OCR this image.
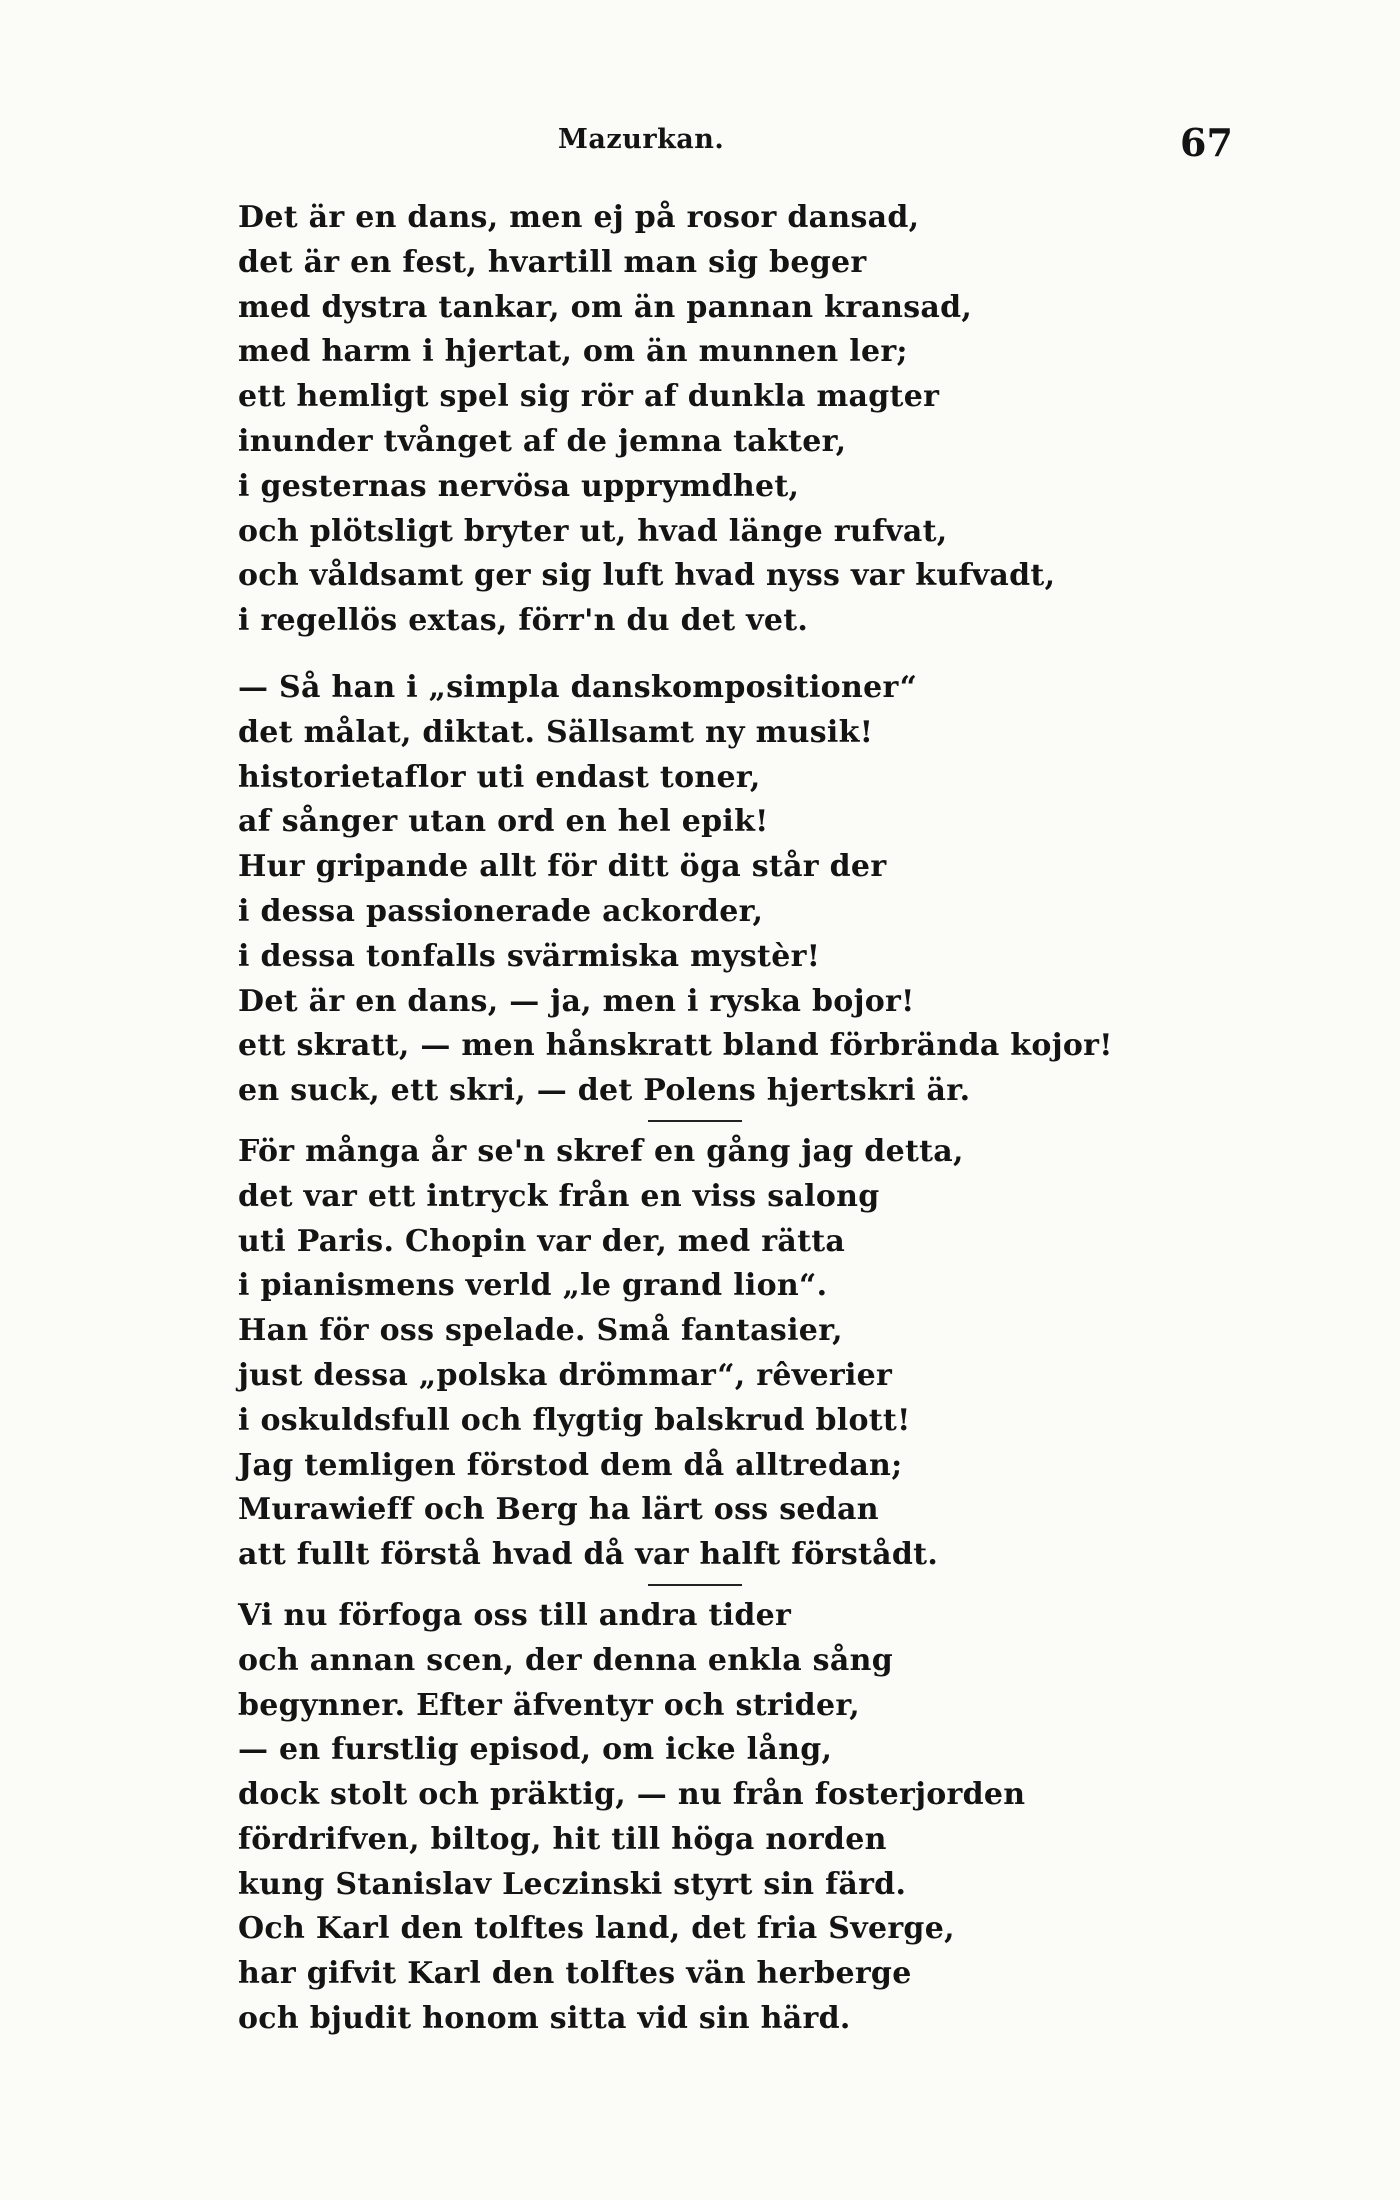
Mazurkan.	67
Det är en dans, men ej på rosor dansad,
det är en fest, hvartill man sig beger
med dystra tankar, om än pannan kransad,
med harm i hjertat, om än munnen ler;
ett hemligt spel sig rör af dunkla magter
inunder tvånget af de jemna takter,
i gesternas nervösa upprymdhet,
och plötsligt bryter ut, hvad länge rufvat,
och våldsamt ger sig luft hvad nyss var kufvadt,
i regellös extas, förr'n du det vet.
— Så han i „simpla danskompositioner“
det målat, diktat. Sällsamt ny musik!
historietaflor uti endast toner,
af sånger utan ord en hel epik!
Hur gripande allt för ditt öga står der
i dessa passionerade ackorder,
i dessa tonfalls svärmiska mystèr!
Det är en dans, — ja, men i ryska bojor!
ett skratt, — men hånskratt bland förbrända kojor!
en suck, ett skri, — det Polens hjertskri är.
För många år se'n skref en gång jag detta,
det var ett intryck från en viss salong
uti Paris. Chopin var der, med rätta
i pianismens verld „le grand lion“.
Han för oss spelade. Små fantasier,
just dessa „polska drömmar“, rêverier
i oskuldsfull och flygtig balskrud blott!
Jag temligen förstod dem då alltredan;
Murawieff och Berg ha lärt oss sedan
att fullt förstå hvad då var halft förstådt.
Vi nu förfoga oss till andra tider
och annan scen, der denna enkla sång
begynner. Efter äfventyr och strider,
— en furstlig episod, om icke lång,
dock stolt och präktig, — nu från fosterjorden
fördrifven, biltog, hit till höga norden
kung Stanislav Leczinski styrt sin färd.
Och Karl den tolftes land, det fria Sverge,
har gifvit Karl den tolftes vän herberge
och bjudit honom sitta vid sin härd.
